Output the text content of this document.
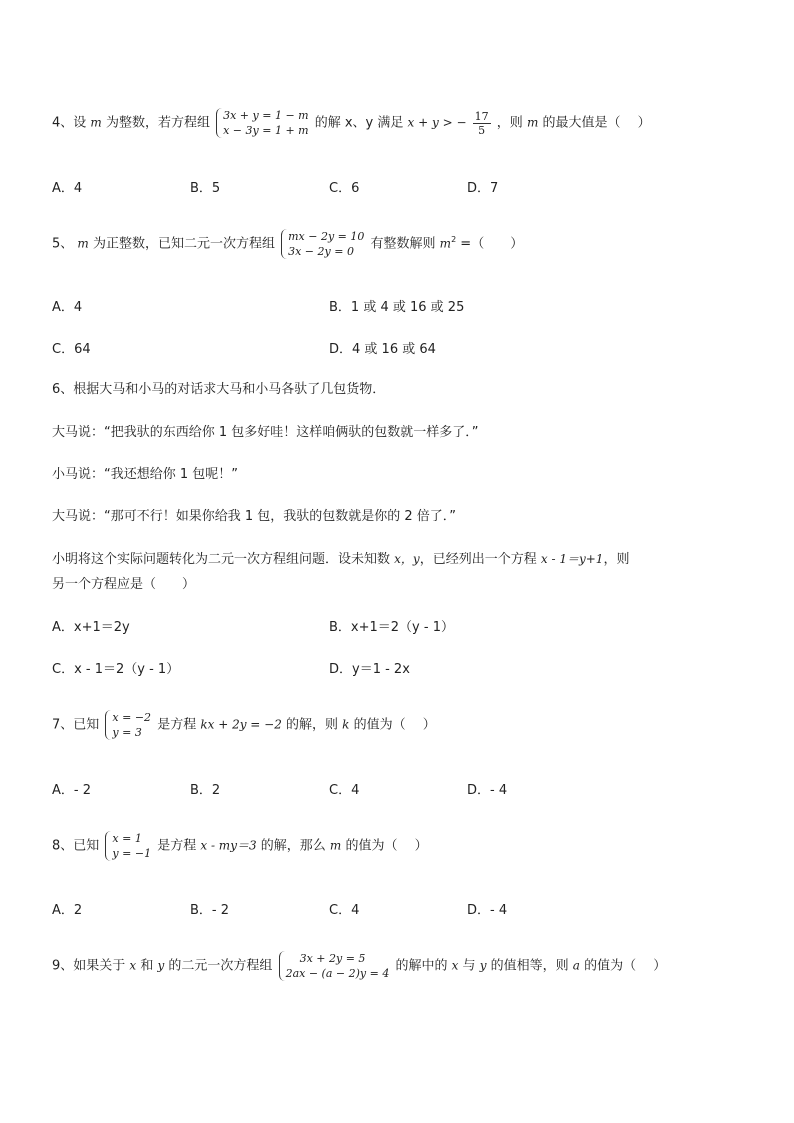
4、设 m 为整数，若方程组 3x + y = 1 − m
x − 3y = 1 + m 的解 x、y 满足 x + y > − $\frac{17}{5}$ ，则 m 的最大值是（　 ）
A．4	B．5	C．6	D．7
5、 m 为正整数，已知二元一次方程组 mx − 2y = 10
3x − 2y = 0	有整数解则 $m^2$ =（　　）
A．4	B．1 或 4 或 16 或 25
C．64	D．4 或 16 或 64
6、根据大马和小马的对话求大马和小马各驮了几包货物．
大马说：“把我驮的东西给你 1 包多好哇！这样咱俩驮的包数就一样多了．”
小马说：“我还想给你 1 包呢！”
大马说：“那可不行！如果你给我 1 包，我驮的包数就是你的 2 倍了．”
小明将这个实际问题转化为二元一次方程组问题．设未知数 x，y，已经列出一个方程 x - 1＝y+1，则
另一个方程应是（　　）
A．x+1＝2y	B．x+1＝2（y - 1）
C．x - 1＝2（y - 1）	D．y＝1 - 2x
7、已知 x = −2
y = 3	是方程 kx + 2y = −2 的解，则 k 的值为（　 ）
A．- 2	B．2	C．4	D．- 4
8、已知 x = 1
y = −1 是方程 x - my＝3 的解，那么 m 的值为（　 ）
A．2	B．- 2	C．4	D．- 4
9、如果关于 x 和 y 的二元一次方程组	3x + 2y = 5
2ax − (a − 2)y = 4 的解中的 x 与 y 的值相等，则 a 的值为（　 ）
